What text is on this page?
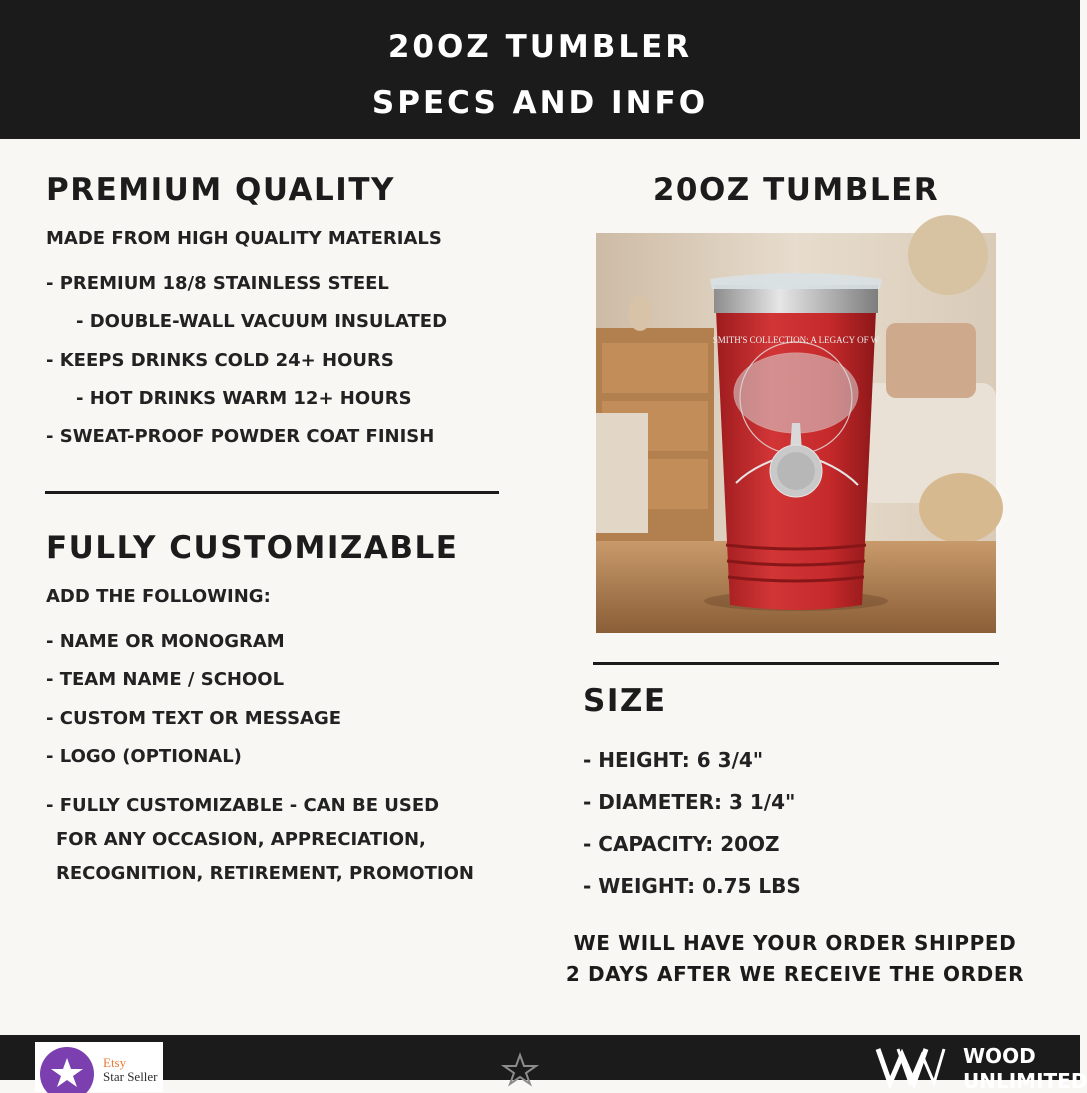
20OZ TUMBLER
SPECS AND INFO
PREMIUM QUALITY
MADE FROM HIGH QUALITY MATERIALS
- PREMIUM 18/8 STAINLESS STEEL
- DOUBLE-WALL VACUUM INSULATED
- KEEPS DRINKS COLD 24+ HOURS
- HOT DRINKS WARM 12+ HOURS
- SWEAT-PROOF POWDER COAT FINISH
FULLY CUSTOMIZABLE
ADD THE FOLLOWING:
- NAME OR MONOGRAM
- TEAM NAME / SCHOOL
- CUSTOM TEXT OR MESSAGE
- LOGO (OPTIONAL)
- FULLY CUSTOMIZABLE - CAN BE USED
FOR ANY OCCASION, APPRECIATION,
RECOGNITION, RETIREMENT, PROMOTION
20OZ TUMBLER
SMITH'S COLLECTION: A LEGACY OF W
SIZE
- HEIGHT: 6 3/4"
- DIAMETER: 3 1/4"
- CAPACITY: 20OZ
- WEIGHT: 0.75 LBS
WE WILL HAVE YOUR ORDER SHIPPED
2 DAYS AFTER WE RECEIVE THE ORDER
Etsy
Star Seller
WOOD
UNLIMITED
